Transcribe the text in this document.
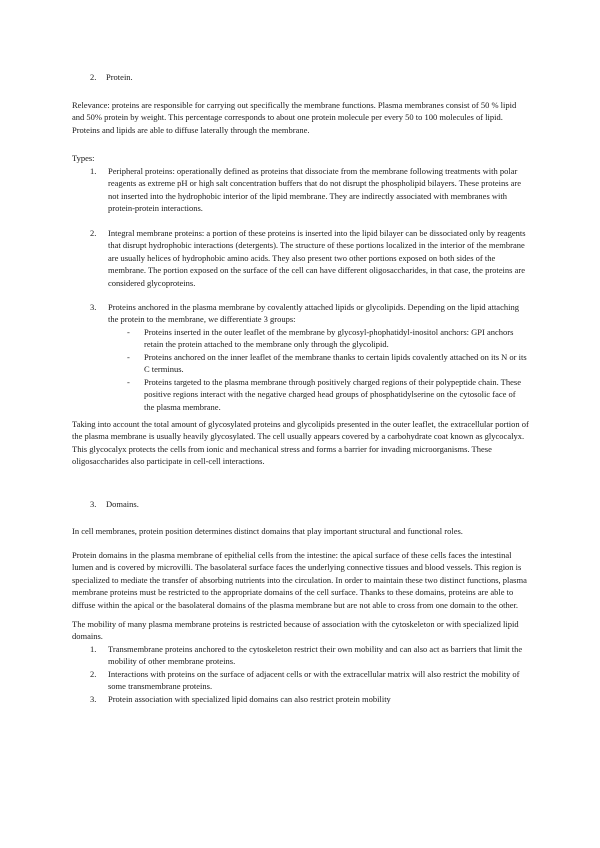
2. Protein.

Relevance: proteins are responsible for carrying out specifically the membrane functions. Plasma membranes consist of 50 % lipid and 50% protein by weight. This percentage corresponds to about one protein molecule per every 50 to 100 molecules of lipid. Proteins and lipids are able to diffuse laterally through the membrane.

Types:

1. Peripheral proteins: operationally defined as proteins that dissociate from the membrane following treatments with polar reagents as extreme pH or high salt concentration buffers that do not disrupt the phospholipid bilayers. These proteins are not inserted into the hydrophobic interior of the lipid membrane. They are indirectly associated with membranes with protein-protein interactions.
2. Integral membrane proteins: a portion of these proteins is inserted into the lipid bilayer can be dissociated only by reagents that disrupt hydrophobic interactions (detergents). The structure of these portions localized in the interior of the membrane are usually helices of hydrophobic amino acids. They also present two other portions exposed on both sides of the membrane. The portion exposed on the surface of the cell can have different oligosaccharides, in that case, the proteins are considered glycoproteins.
3. Proteins anchored in the plasma membrane by covalently attached lipids or glycolipids. Depending on the lipid attaching the protein to the membrane, we differentiate 3 groups:
- Proteins inserted in the outer leaflet of the membrane by glycosyl-phophatidyl-inositol anchors: GPI anchors retain the protein attached to the membrane only through the glycolipid.
- Proteins anchored on the inner leaflet of the membrane thanks to certain lipids covalently attached on its N or its C terminus.
- Proteins targeted to the plasma membrane through positively charged regions of their polypeptide chain. These positive regions interact with the negative charged head groups of phosphatidylserine on the cytosolic face of the plasma membrane.

Taking into account the total amount of glycosylated proteins and glycolipids presented in the outer leaflet, the extracellular portion of the plasma membrane is usually heavily glycosylated. The cell usually appears covered by a carbohydrate coat known as glycocalyx. This glycocalyx protects the cells from ionic and mechanical stress and forms a barrier for invading microorganisms. These oligosaccharides also participate in cell-cell interactions.

3. Domains.

In cell membranes, protein position determines distinct domains that play important structural and functional roles.

Protein domains in the plasma membrane of epithelial cells from the intestine: the apical surface of these cells faces the intestinal lumen and is covered by microvilli. The basolateral surface faces the underlying connective tissues and blood vessels. This region is specialized to mediate the transfer of absorbing nutrients into the circulation. In order to maintain these two distinct functions, plasma membrane proteins must be restricted to the appropriate domains of the cell surface. Thanks to these domains, proteins are able to diffuse within the apical or the basolateral domains of the plasma membrane but are not able to cross from one domain to the other.

The mobility of many plasma membrane proteins is restricted because of association with the cytoskeleton or with specialized lipid domains.

1. Transmembrane proteins anchored to the cytoskeleton restrict their own mobility and can also act as barriers that limit the mobility of other membrane proteins.
2. Interactions with proteins on the surface of adjacent cells or with the extracellular matrix will also restrict the mobility of some transmembrane proteins.
3. Protein association with specialized lipid domains can also restrict protein mobility
